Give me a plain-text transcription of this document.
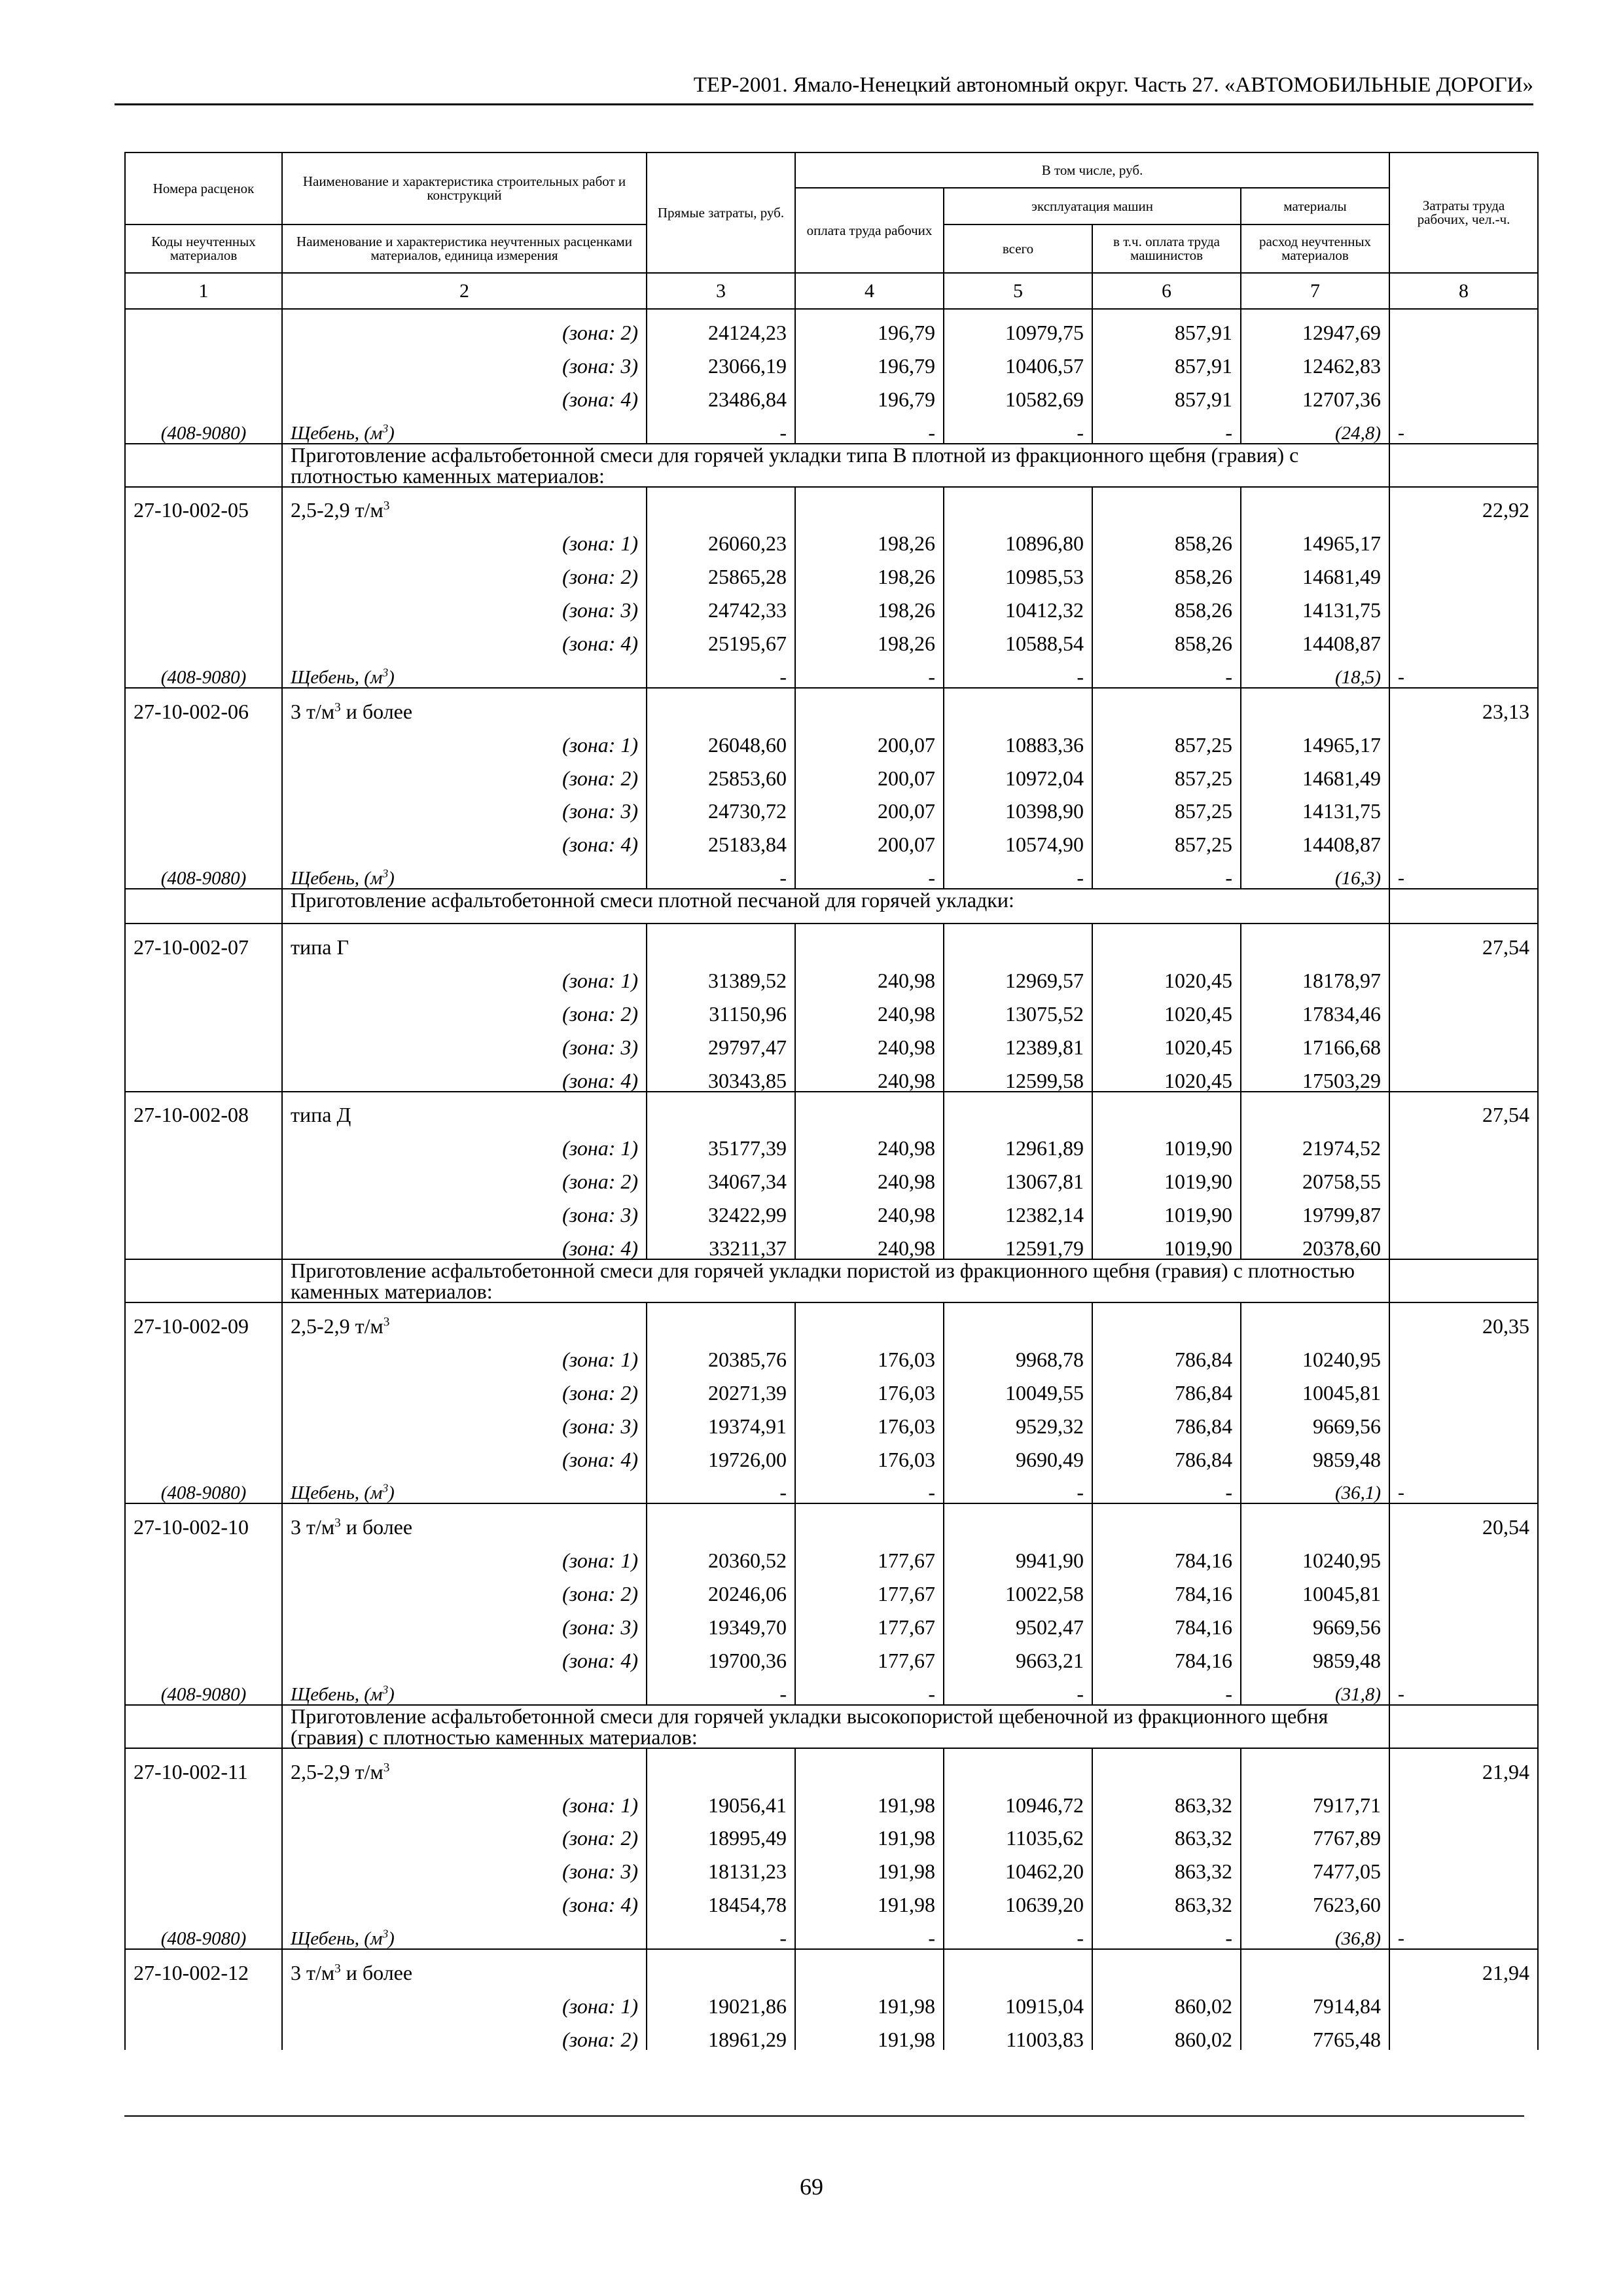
ТЕР-2001. Ямало-Ненецкий автономный округ. Часть 27. «АВТОМОБИЛЬНЫЕ ДОРОГИ»
Номера расценок	Наименование и характеристика строительных работ и конструкций	Прямые затраты, руб.	В том числе, руб.				Затраты труда рабочих, чел.-ч.
			оплата труда рабочих	эксплуатация машин		материалы	
Коды неучтенных материалов	Наименование и характеристика неучтенных расценками материалов, единица измерения			всего	в т.ч. оплата труда машинистов	расход неучтенных материалов	
1	2	3	4	5	6	7	8
	(зона: 2)	24124,23	196,79	10979,75	857,91	12947,69	
	(зона: 3)	23066,19	196,79	10406,57	857,91	12462,83	
	(зона: 4)	23486,84	196,79	10582,69	857,91	12707,36	
(408-9080)	Щебень, $(м^3)$	-	-	-	-	(24,8)	-
	Приготовление асфальтобетонной смеси для горячей укладки типа В плотной из фракционного щебня (гравия) с плотностью каменных материалов:						
27-10-002-05	2,5-2,9 $т/м^3$						22,92
	(зона: 1)	26060,23	198,26	10896,80	858,26	14965,17	
	(зона: 2)	25865,28	198,26	10985,53	858,26	14681,49	
	(зона: 3)	24742,33	198,26	10412,32	858,26	14131,75	
	(зона: 4)	25195,67	198,26	10588,54	858,26	14408,87	
(408-9080)	Щебень, $(м^3)$	-	-	-	-	(18,5)	-
27-10-002-06	3 $т/м^3$ и более						23,13
	(зона: 1)	26048,60	200,07	10883,36	857,25	14965,17	
	(зона: 2)	25853,60	200,07	10972,04	857,25	14681,49	
	(зона: 3)	24730,72	200,07	10398,90	857,25	14131,75	
	(зона: 4)	25183,84	200,07	10574,90	857,25	14408,87	
(408-9080)	Щебень, $(м^3)$	-	-	-	-	(16,3)	-
	Приготовление асфальтобетонной смеси плотной песчаной для горячей укладки:						
27-10-002-07	типа Г						27,54
	(зона: 1)	31389,52	240,98	12969,57	1020,45	18178,97	
	(зона: 2)	31150,96	240,98	13075,52	1020,45	17834,46	
	(зона: 3)	29797,47	240,98	12389,81	1020,45	17166,68	
	(зона: 4)	30343,85	240,98	12599,58	1020,45	17503,29	
27-10-002-08	типа Д						27,54
	(зона: 1)	35177,39	240,98	12961,89	1019,90	21974,52	
	(зона: 2)	34067,34	240,98	13067,81	1019,90	20758,55	
	(зона: 3)	32422,99	240,98	12382,14	1019,90	19799,87	
	(зона: 4)	33211,37	240,98	12591,79	1019,90	20378,60	
	Приготовление асфальтобетонной смеси для горячей укладки пористой из фракционного щебня (гравия) с плотностью каменных материалов:						
27-10-002-09	2,5-2,9 $т/м^3$						20,35
	(зона: 1)	20385,76	176,03	9968,78	786,84	10240,95	
	(зона: 2)	20271,39	176,03	10049,55	786,84	10045,81	
	(зона: 3)	19374,91	176,03	9529,32	786,84	9669,56	
	(зона: 4)	19726,00	176,03	9690,49	786,84	9859,48	
(408-9080)	Щебень, $(м^3)$	-	-	-	-	(36,1)	-
27-10-002-10	3 $т/м^3$ и более						20,54
	(зона: 1)	20360,52	177,67	9941,90	784,16	10240,95	
	(зона: 2)	20246,06	177,67	10022,58	784,16	10045,81	
	(зона: 3)	19349,70	177,67	9502,47	784,16	9669,56	
	(зона: 4)	19700,36	177,67	9663,21	784,16	9859,48	
(408-9080)	Щебень, $(м^3)$	-	-	-	-	(31,8)	-
	Приготовление асфальтобетонной смеси для горячей укладки высокопористой щебеночной из фракционного щебня (гравия) с плотностью каменных материалов:						
27-10-002-11	2,5-2,9 $т/м^3$						21,94
	(зона: 1)	19056,41	191,98	10946,72	863,32	7917,71	
	(зона: 2)	18995,49	191,98	11035,62	863,32	7767,89	
	(зона: 3)	18131,23	191,98	10462,20	863,32	7477,05	
	(зона: 4)	18454,78	191,98	10639,20	863,32	7623,60	
(408-9080)	Щебень, $(м^3)$	-	-	-	-	(36,8)	-
27-10-002-12	3 $т/м^3$ и более						21,94
	(зона: 1)	19021,86	191,98	10915,04	860,02	7914,84	
	(зона: 2)	18961,29	191,98	11003,83	860,02	7765,48	
69
